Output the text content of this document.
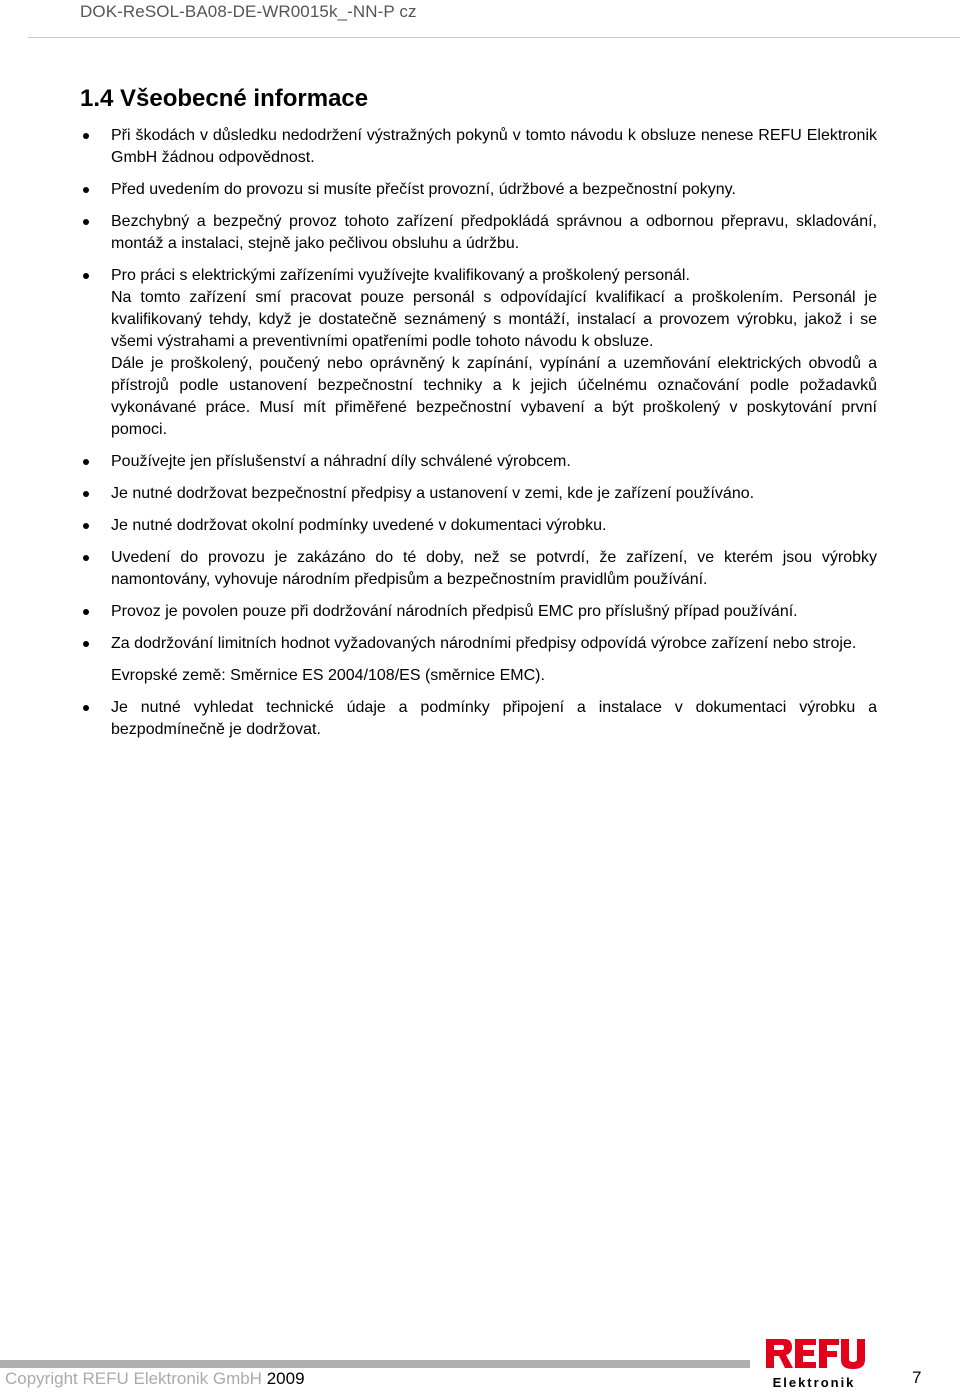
DOK-ReSOL-BA08-DE-WR0015k_-NN-P cz
1.4 Všeobecné informace
Při škodách v důsledku nedodržení výstražných pokynů v tomto návodu k obsluze nenese REFU Elektronik GmbH žádnou odpovědnost.
Před uvedením do provozu si musíte přečíst provozní, údržbové a bezpečnostní pokyny.
Bezchybný a bezpečný provoz tohoto zařízení předpokládá správnou a odbornou přepravu, skladování, montáž a instalaci, stejně jako pečlivou obsluhu a údržbu.
Pro práci s elektrickými zařízeními využívejte kvalifikovaný a proškolený personál.
Na tomto zařízení smí pracovat pouze personál s odpovídající kvalifikací a proškolením. Personál je kvalifikovaný tehdy, když je dostatečně seznámený s montáží, instalací a provozem výrobku, jakož i se všemi výstrahami a preventivními opatřeními podle tohoto návodu k obsluze.
Dále je proškolený, poučený nebo oprávněný k zapínání, vypínání a uzemňování elektrických obvodů a přístrojů podle ustanovení bezpečnostní techniky a k jejich účelnému označování podle požadavků vykonávané práce. Musí mít přiměřené bezpečnostní vybavení a být proškolený v poskytování první pomoci.
Používejte jen příslušenství a náhradní díly schválené výrobcem.
Je nutné dodržovat bezpečnostní předpisy a ustanovení v zemi, kde je zařízení používáno.
Je nutné dodržovat okolní podmínky uvedené v dokumentaci výrobku.
Uvedení do provozu je zakázáno do té doby, než se potvrdí, že zařízení, ve kterém jsou výrobky namontovány, vyhovuje národním předpisům a bezpečnostním pravidlům používání.
Provoz je povolen pouze při dodržování národních předpisů EMC pro příslušný případ používání.
Za dodržování limitních hodnot vyžadovaných národními předpisy odpovídá výrobce zařízení nebo stroje.
Evropské země: Směrnice ES 2004/108/ES (směrnice EMC).
Je nutné vyhledat technické údaje a podmínky připojení a instalace v dokumentaci výrobku a bezpodmínečně je dodržovat.
Copyright REFU Elektronik GmbH 2009	Elektronik	7
